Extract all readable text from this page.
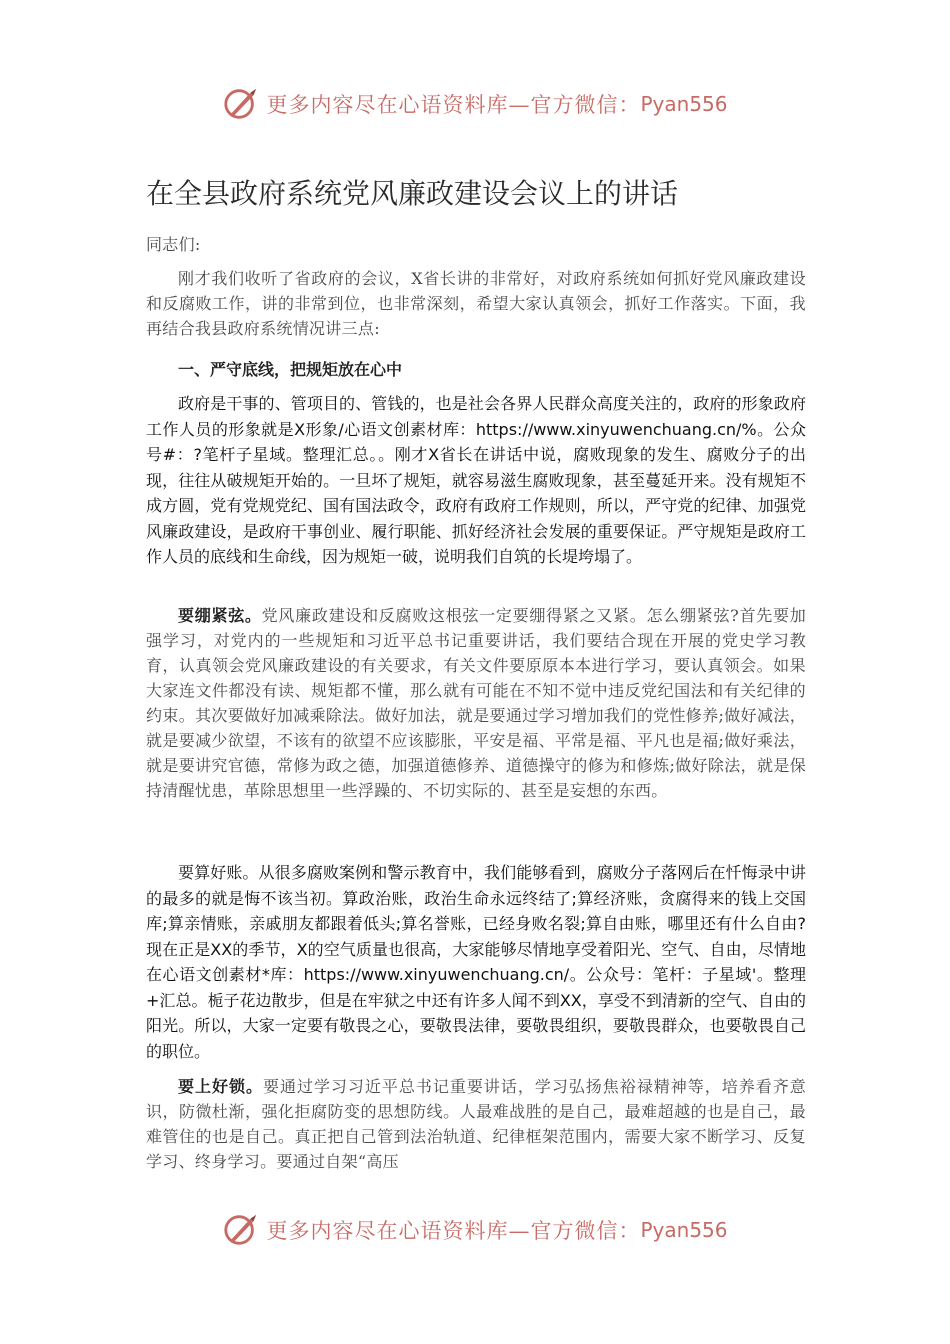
更多内容尽在心语资料库—官方微信： Pyan556
在全县政府系统党风廉政建设会议上的讲话

同志们:

刚才我们收听了省政府的会议，X省长讲的非常好，对政府系统如何抓好党风廉政建设和反腐败工作，讲的非常到位，也非常深刻，希望大家认真领会，抓好工作落实。下面，我再结合我县政府系统情况讲三点:

一、严守底线，把规矩放在心中

政府是干事的、管项目的、管钱的，也是社会各界人民群众高度关注的，政府的形象政府工作人员的形象就是X形象/心语文创素材库：https://www.xinyuwenchuang.cn/%。公众号#：?笔杆子星域。整理汇总。。刚才X省长在讲话中说，腐败现象的发生、腐败分子的出现，往往从破规矩开始的。一旦坏了规矩，就容易滋生腐败现象，甚至蔓延开来。没有规矩不成方圆，党有党规党纪、国有国法政令，政府有政府工作规则，所以，严守党的纪律、加强党风廉政建设，是政府干事创业、履行职能、抓好经济社会发展的重要保证。严守规矩是政府工作人员的底线和生命线，因为规矩一破，说明我们自筑的长堤垮塌了。

要绷紧弦。党风廉政建设和反腐败这根弦一定要绷得紧之又紧。怎么绷紧弦?首先要加强学习，对党内的一些规矩和习近平总书记重要讲话，我们要结合现在开展的党史学习教育，认真领会党风廉政建设的有关要求，有关文件要原原本本进行学习，要认真领会。如果大家连文件都没有读、规矩都不懂，那么就有可能在不知不觉中违反党纪国法和有关纪律的约束。其次要做好加减乘除法。做好加法，就是要通过学习增加我们的党性修养;做好减法，就是要减少欲望，不该有的欲望不应该膨胀，平安是福、平常是福、平凡也是福;做好乘法，就是要讲究官德，常修为政之德，加强道德修养、道德操守的修为和修炼;做好除法，就是保持清醒忧患，革除思想里一些浮躁的、不切实际的、甚至是妄想的东西。

要算好账。从很多腐败案例和警示教育中，我们能够看到，腐败分子落网后在忏悔录中讲的最多的就是悔不该当初。算政治账，政治生命永远终结了;算经济账，贪腐得来的钱上交国库;算亲情账，亲戚朋友都跟着低头;算名誉账，已经身败名裂;算自由账，哪里还有什么自由?现在正是XX的季节，X的空气质量也很高，大家能够尽情地享受着阳光、空气、自由，尽情地在心语文创素材*库：https://www.xinyuwenchuang.cn/。公众号：笔杆：子星域'。整理+汇总。栀子花边散步，但是在牢狱之中还有许多人闻不到XX，享受不到清新的空气、自由的阳光。所以，大家一定要有敬畏之心，要敬畏法律，要敬畏组织，要敬畏群众，也要敬畏自己的职位。

要上好锁。要通过学习习近平总书记重要讲话，学习弘扬焦裕禄精神等，培养看齐意识，防微杜渐，强化拒腐防变的思想防线。人最难战胜的是自己，最难超越的也是自己，最难管住的也是自己。真正把自己管到法治轨道、纪律框架范围内，需要大家不断学习、反复学习、终身学习。要通过自架“高压

更多内容尽在心语资料库—官方微信： Pyan556
